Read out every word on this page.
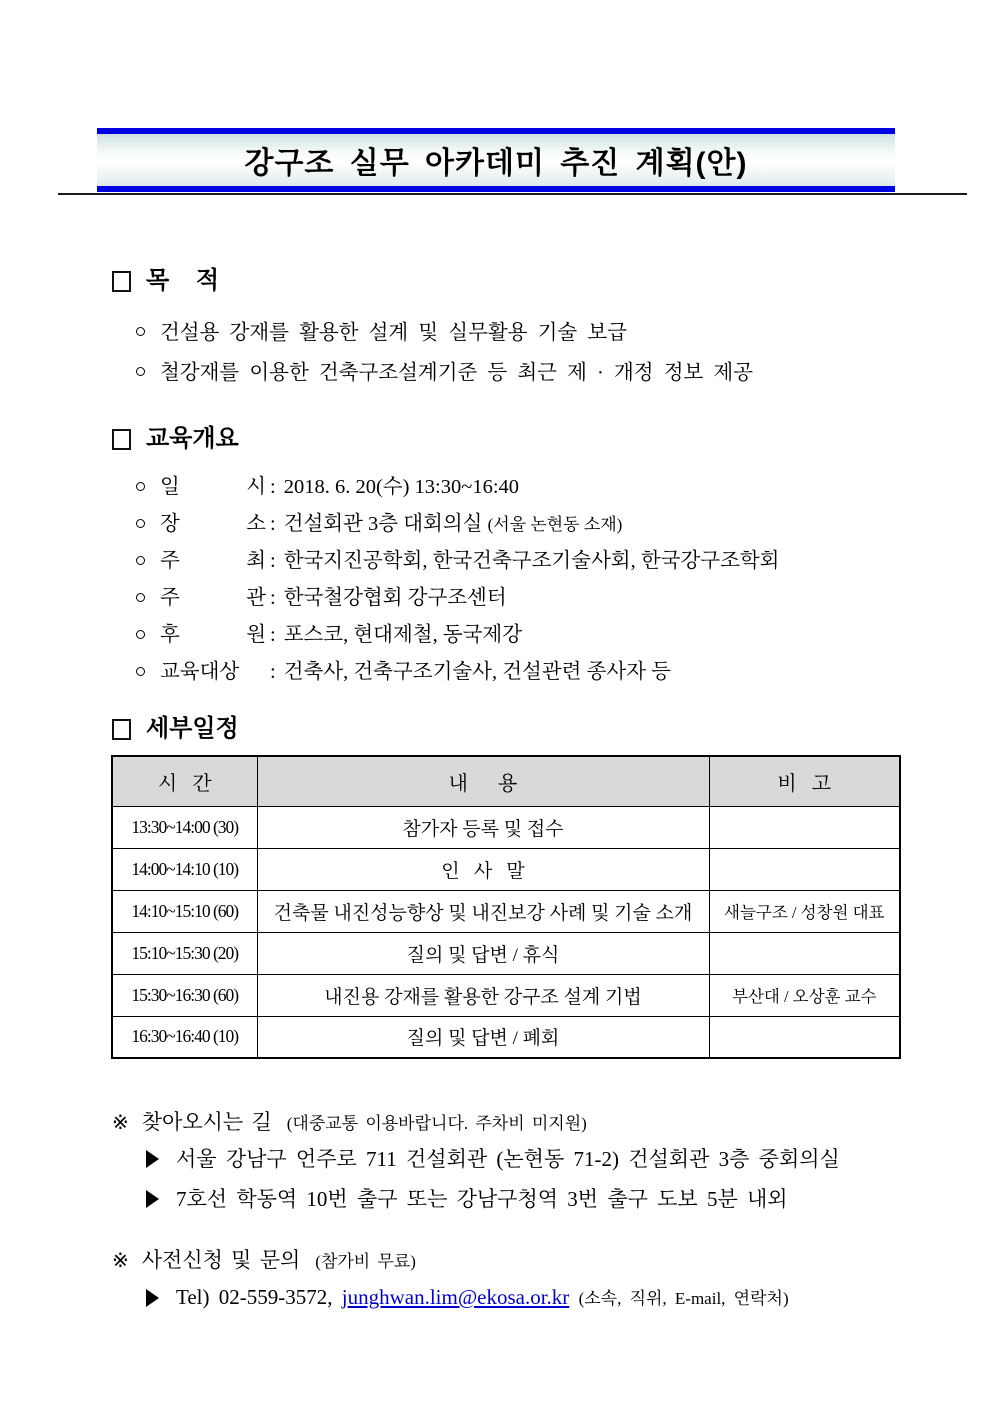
강구조 실무 아카데미 추진 계획(안)
목    적
건설용 강재를 활용한 설계 및 실무활용 기술 보급
철강재를 이용한 건축구조설계기준 등 최근 제 · 개정 정보 제공
교육개요
일 시 : 2018. 6. 20(수) 13:30~16:40
장 소 : 건설회관 3층 대회의실 (서울 논현동 소재)
주 최 : 한국지진공학회, 한국건축구조기술사회, 한국강구조학회
주 관 : 한국철강협회 강구조센터
후 원 : 포스코, 현대제철, 동국제강
교육대상 : 건축사, 건축구조기술사, 건설관련 종사자 등
세부일정
시   간	내      용	비   고
13:30~14:00 (30)	참가자 등록 및 접수	
14:00~14:10 (10)	인   사   말	
14:10~15:10 (60)	건축물 내진성능향상 및 내진보강 사례 및 기술 소개	새늘구조 / 성창원 대표
15:10~15:30 (20)	질의 및 답변 / 휴식	
15:30~16:30 (60)	내진용 강재를 활용한 강구조 설계 기법	부산대 / 오상훈 교수
16:30~16:40 (10)	질의 및 답변 / 폐회	
※ 찾아오시는 길 (대중교통 이용바랍니다. 주차비 미지원)
서울 강남구 언주로 711 건설회관 (논현동 71-2) 건설회관 3층 중회의실
7호선 학동역 10번 출구 또는 강남구청역 3번 출구 도보 5분 내외
※ 사전신청 및 문의 (참가비 무료)
Tel) 02-559-3572, junghwan.lim@ekosa.or.kr (소속, 직위, E-mail, 연락처)
